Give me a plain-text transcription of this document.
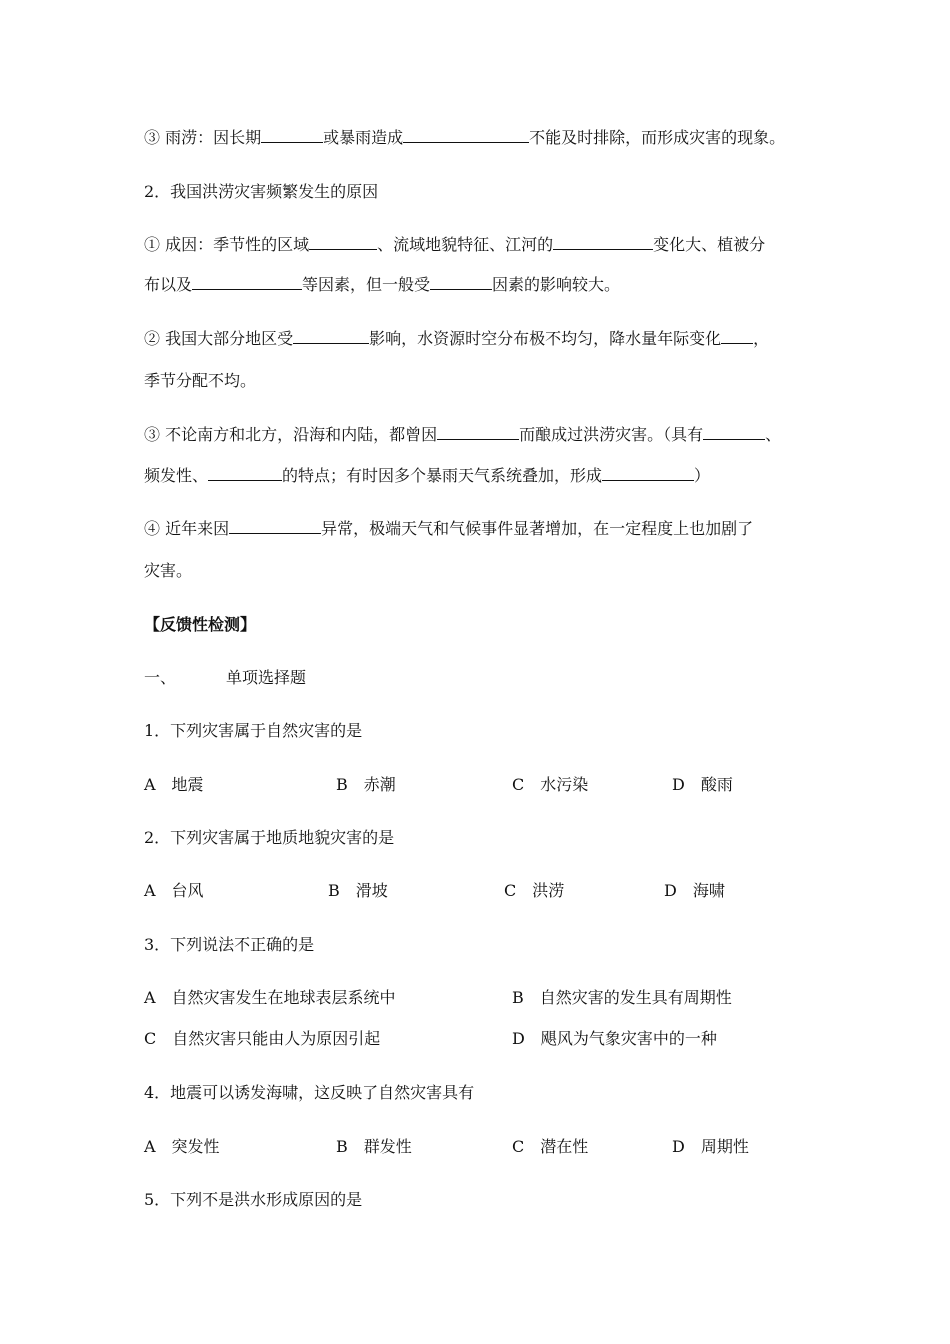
③ 雨涝：因长期	或暴雨造成	不能及时排除，而形成灾害的现象。
2．我国洪涝灾害频繁发生的原因
① 成因：季节性的区域	、流域地貌特征、江河的	变化大、植被分
布以及	等因素，但一般受	因素的影响较大。
② 我国大部分地区受	影响，水资源时空分布极不均匀，降水量年际变化 ，
季节分配不均。
③ 不论南方和北方，沿海和内陆，都曾因	而酿成过洪涝灾害。（具有	、
频发性、	的特点；有时因多个暴雨天气系统叠加，形成	）
④ 近年来因	异常，极端天气和气候事件显著增加，在一定程度上也加剧了
灾害。
【反馈性检测】
一、	单项选择题
1．下列灾害属于自然灾害的是
A　地震	B　赤潮	C　水污染	D　酸雨
2．下列灾害属于地质地貌灾害的是
A　台风	B　滑坡	C　洪涝	D　海啸
3．下列说法不正确的是
A　自然灾害发生在地球表层系统中	B　自然灾害的发生具有周期性
C　自然灾害只能由人为原因引起	D　飓风为气象灾害中的一种
4．地震可以诱发海啸，这反映了自然灾害具有
A　突发性	B　群发性	C　潜在性	D　周期性
5．下列不是洪水形成原因的是
